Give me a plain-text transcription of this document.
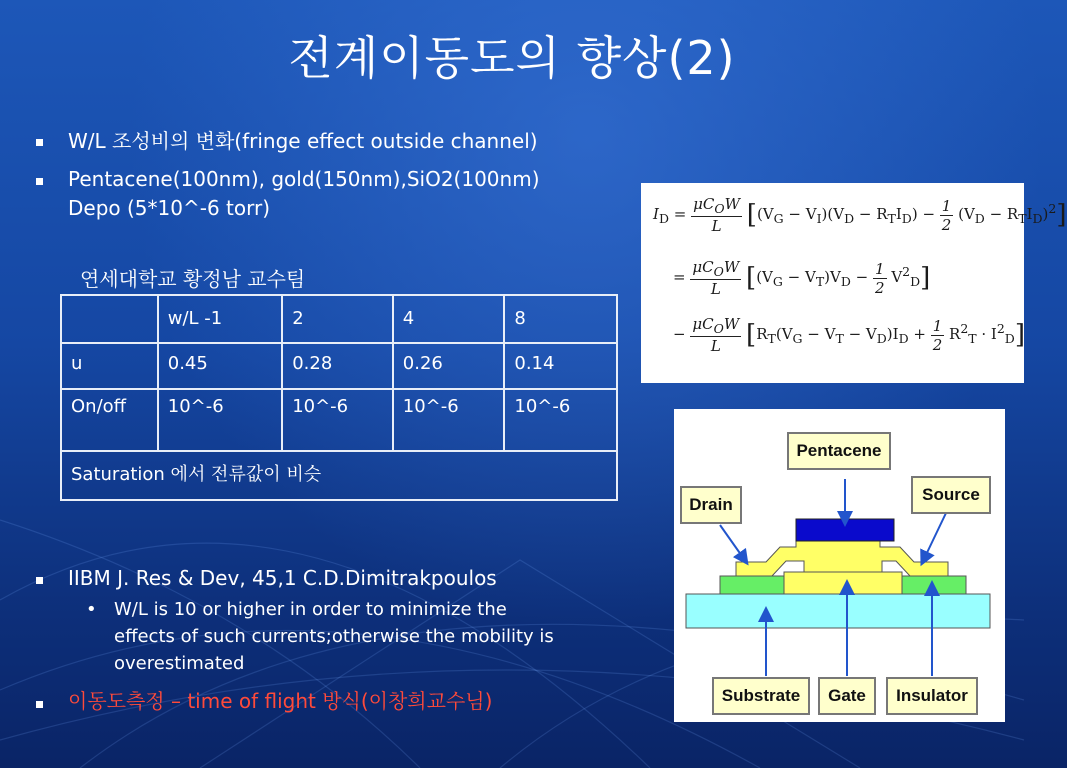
전계이동도의 향상(2)
W/L 조성비의 변화(fringe effect outside channel)
Pentacene(100nm), gold(150nm),SiO2(100nm)
Depo (5*10^-6 torr)
연세대학교 황정남 교수팀
	w/L -1	2	4	8
u	0.45	0.28	0.26	0.14
On/off	10^-6	10^-6	10^-6	10^-6
Saturation 에서 전류값이 비슷				
IIBM J. Res & Dev, 45,1 C.D.Dimitrakpoulos
• W/L is 10 or higher in order to minimize the
effects of such currents;otherwise the mobility is
overestimated
이동도측정 – time of flight 방식(이창희교수님)
$I_D = \frac{\mu C_OW}{L} [(V_G - V_I)(V_D - R_TI_D) - \frac{1}{2} (V_D - R_TI_D)^2]$
= $\frac{\mu C_OW}{L} [(V_G - V_T)V_D - \frac{1}{2} V^2_D]$
− $\frac{\mu C_OW}{L} [R_T(V_G - V_T - V_D)I_D + \frac{1}{2} R^2_T \cdot I^2_D]$
Pentacene
Drain
Source
Substrate	Gate	Insulator
